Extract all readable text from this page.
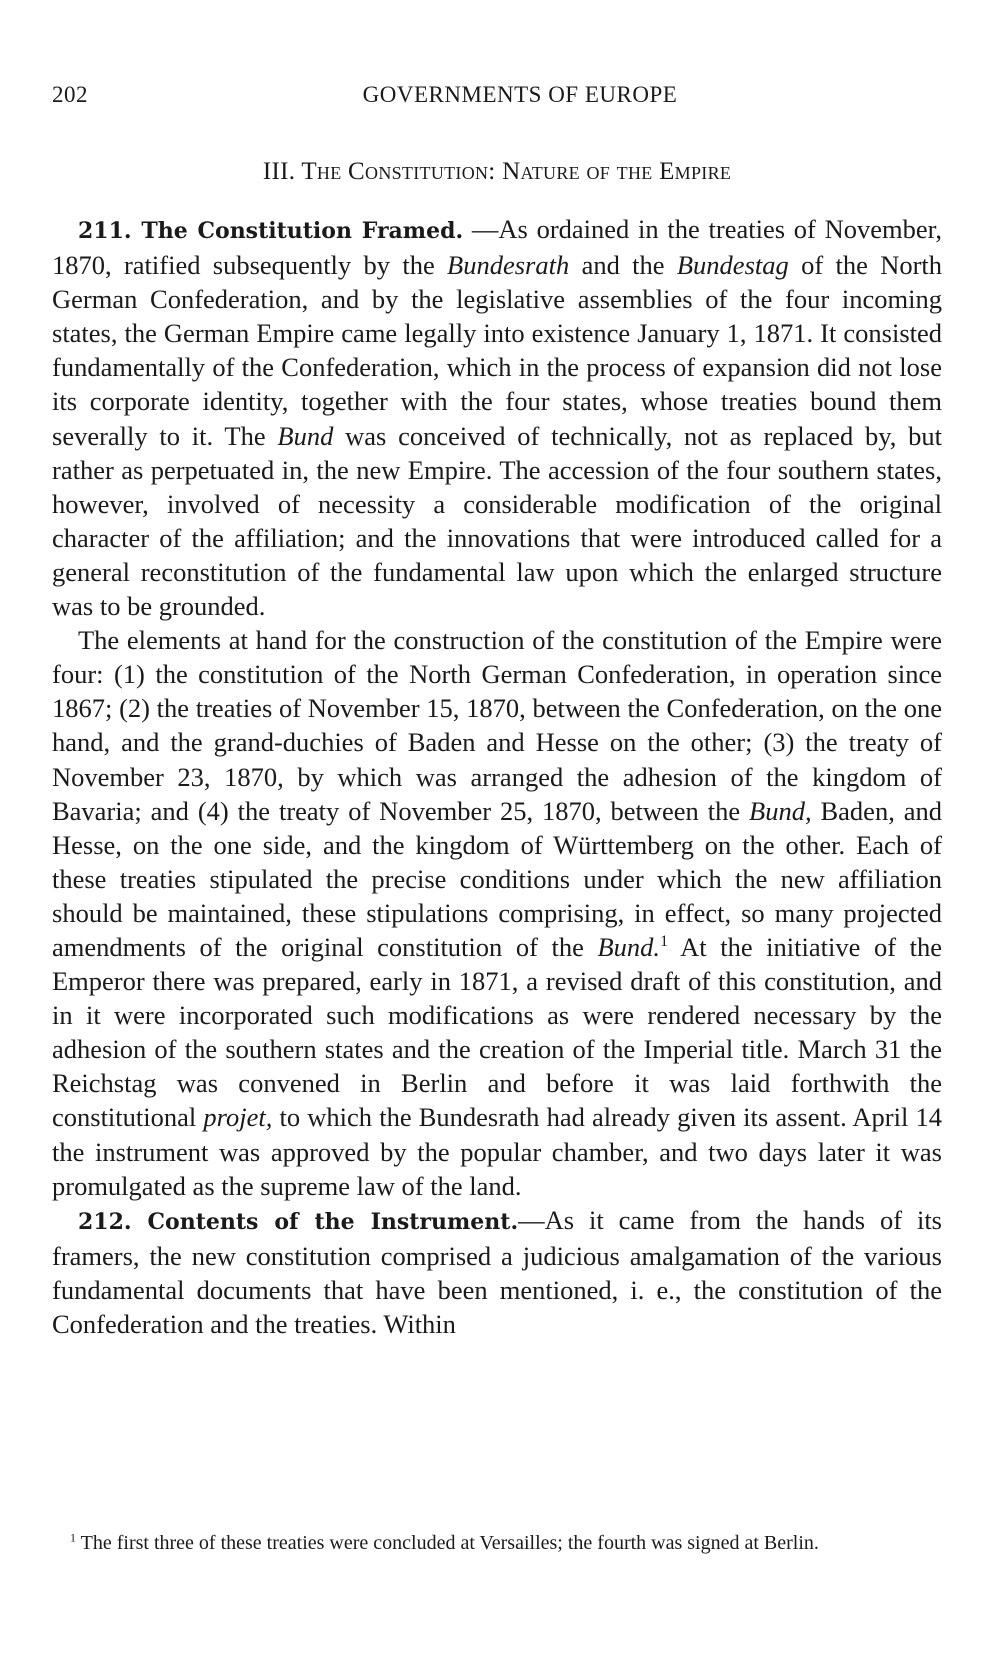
202	GOVERNMENTS OF EUROPE
III. The Constitution: Nature of the Empire

211. The Constitution Framed. —As ordained in the treaties of November, 1870, ratified subsequently by the Bundesrath and the Bundestag of the North German Confederation, and by the legislative assemblies of the four incoming states, the German Empire came legally into existence January 1, 1871. It consisted fundamentally of the Confederation, which in the process of expansion did not lose its corporate identity, together with the four states, whose treaties bound them severally to it. The Bund was conceived of technically, not as replaced by, but rather as perpetuated in, the new Empire. The accession of the four southern states, however, involved of necessity a considerable modification of the original character of the affiliation; and the innovations that were introduced called for a general reconstitution of the fundamental law upon which the enlarged structure was to be grounded.

The elements at hand for the construction of the constitution of the Empire were four: (1) the constitution of the North German Confederation, in operation since 1867; (2) the treaties of November 15, 1870, between the Confederation, on the one hand, and the grand-duchies of Baden and Hesse on the other; (3) the treaty of November 23, 1870, by which was arranged the adhesion of the kingdom of Bavaria; and (4) the treaty of November 25, 1870, between the Bund, Baden, and Hesse, on the one side, and the kingdom of Württemberg on the other. Each of these treaties stipulated the precise conditions under which the new affiliation should be maintained, these stipulations comprising, in effect, so many projected amendments of the original constitution of the Bund.$^1$ At the initiative of the Emperor there was prepared, early in 1871, a revised draft of this constitution, and in it were incorporated such modifications as were rendered necessary by the adhesion of the southern states and the creation of the Imperial title. March 31 the Reichstag was convened in Berlin and before it was laid forthwith the constitutional projet, to which the Bundesrath had already given its assent. April 14 the instrument was approved by the popular chamber, and two days later it was promulgated as the supreme law of the land.

212. Contents of the Instrument.—As it came from the hands of its framers, the new constitution comprised a judicious amalgamation of the various fundamental documents that have been mentioned, i. e., the constitution of the Confederation and the treaties. Within

$^1$ The first three of these treaties were concluded at Versailles; the fourth was signed at Berlin.
